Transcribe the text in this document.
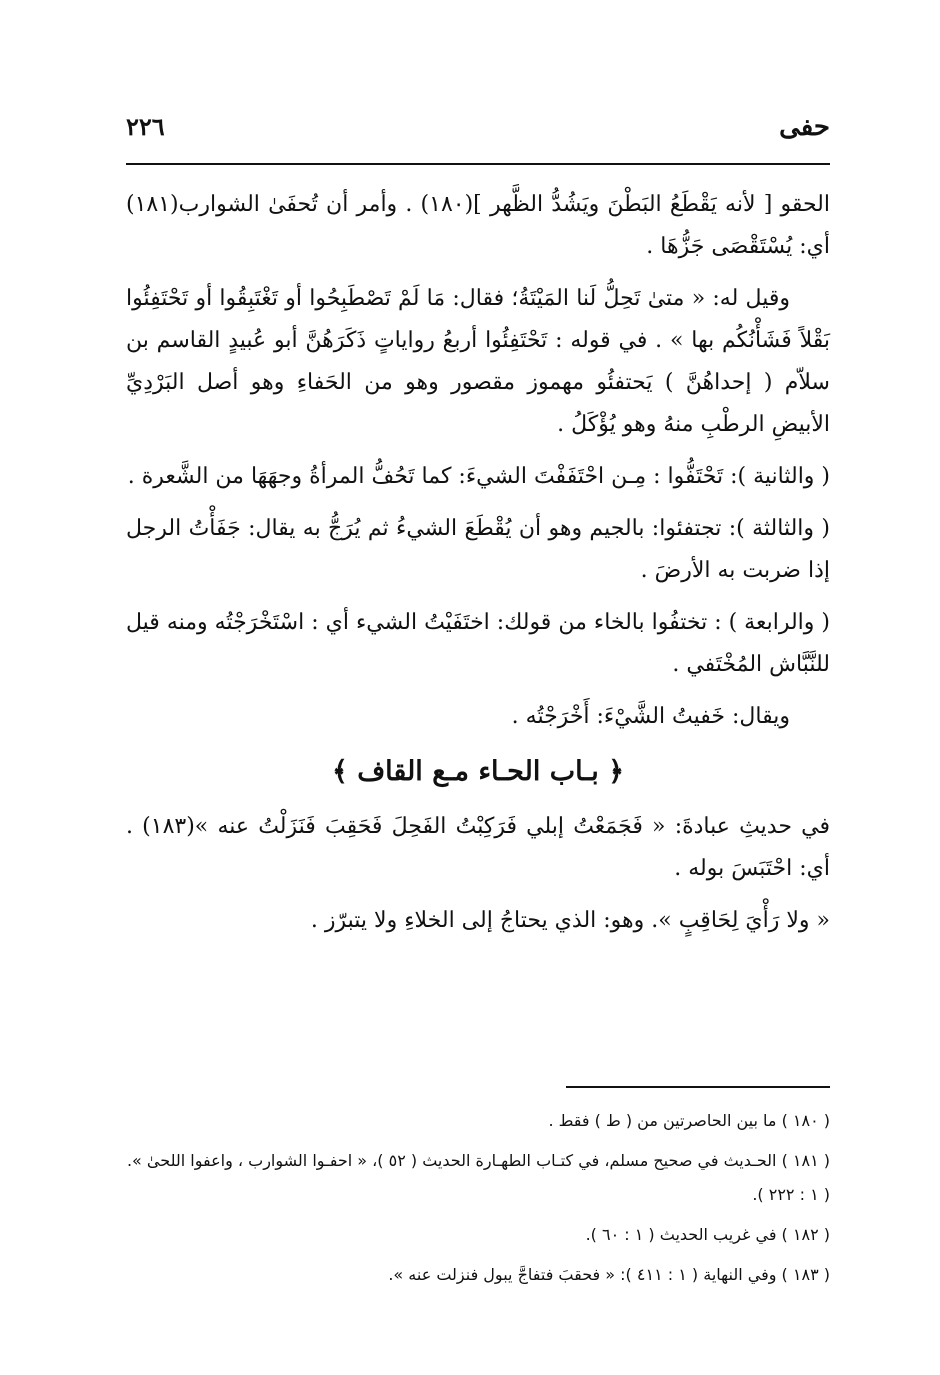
حفى
٢٢٦

الحقو [ لأنه يَقْطَعُ البَطْنَ ويَشُدُّ الظَّهر ](١٨٠) . وأمر أن تُحفَىٰ الشوارب(١٨١) أي: يُسْتَقْصَى جَزُّهَا .

وقيل له: « متىٰ تَحِلُّ لَنا المَيْتَةُ؛ فقال: مَا لَمْ تَصْطَبِحُوا أو تَغْتَبِقُوا أو تَحْتَفِئُوا بَقْلاً فَشَأْنُكُم بها » . في قوله : تَحْتَفِئُوا أربعُ رواياتٍ ذَكَرَهُنَّ أبو عُبيدٍ القاسم بن سلاّم ( إحداهُنَّ ) يَحتفئُو مهموز مقصور وهو من الحَفاءِ وهو أصل البَرْدِيِّ الأبيضِ الرطْبِ منهُ وهو يُؤْكَلُ .

( والثانية ): تَحْتَفُّوا : مِـن احْتَفَفْتَ الشيءَ: كما تَحُفُّ المرأةُ وجهَهَا من الشَّعرة .

( والثالثة ): تجتفئوا: بالجيم وهو أن يُقْطَعَ الشيءُ ثم يُرَجُّ به يقال: جَفَأْتُ الرجل إذا ضربت به الأرضَ .

( والرابعة ) : تختفُوا بالخاء من قولك: اختَفَيْتُ الشيء أي : اسْتَخْرَجْتُه ومنه قيل للنَّبَّاش المُخْتَفي .

ويقال: خَفيتُ الشَّيْءَ: أَخْرَجْتُه .

﴿ بـاب الحـاء مـع القاف ﴾

في حديثِ عبادةَ: « فَجَمَعْتُ إبلي فَرَكِبْتُ الفَحِلَ فَحَقِبَ فَنَزَلْتُ عنه »(١٨٣) . أي: احْتَبَسَ بوله .

« ولا رَأْيَ لِحَاقِبٍ ». وهو: الذي يحتاجُ إلى الخلاءِ ولا يتبرّز .

( ١٨٠ ) ما بين الحاصرتين من ( ط ) فقط .

( ١٨١ ) الحـديث في صحيح مسلم، في كتـاب الطهـارة الحديث ( ٥٢ )، « احفـوا الشوارب ، واعفوا اللحىٰ ». ( ١ : ٢٢٢ ).

( ١٨٢ ) في غريب الحديث ( ١ : ٦٠ ).

( ١٨٣ ) وفي النهاية ( ١ : ٤١١ ): « فحقبَ فتفاجَّ يبول فنزلت عنه ».
